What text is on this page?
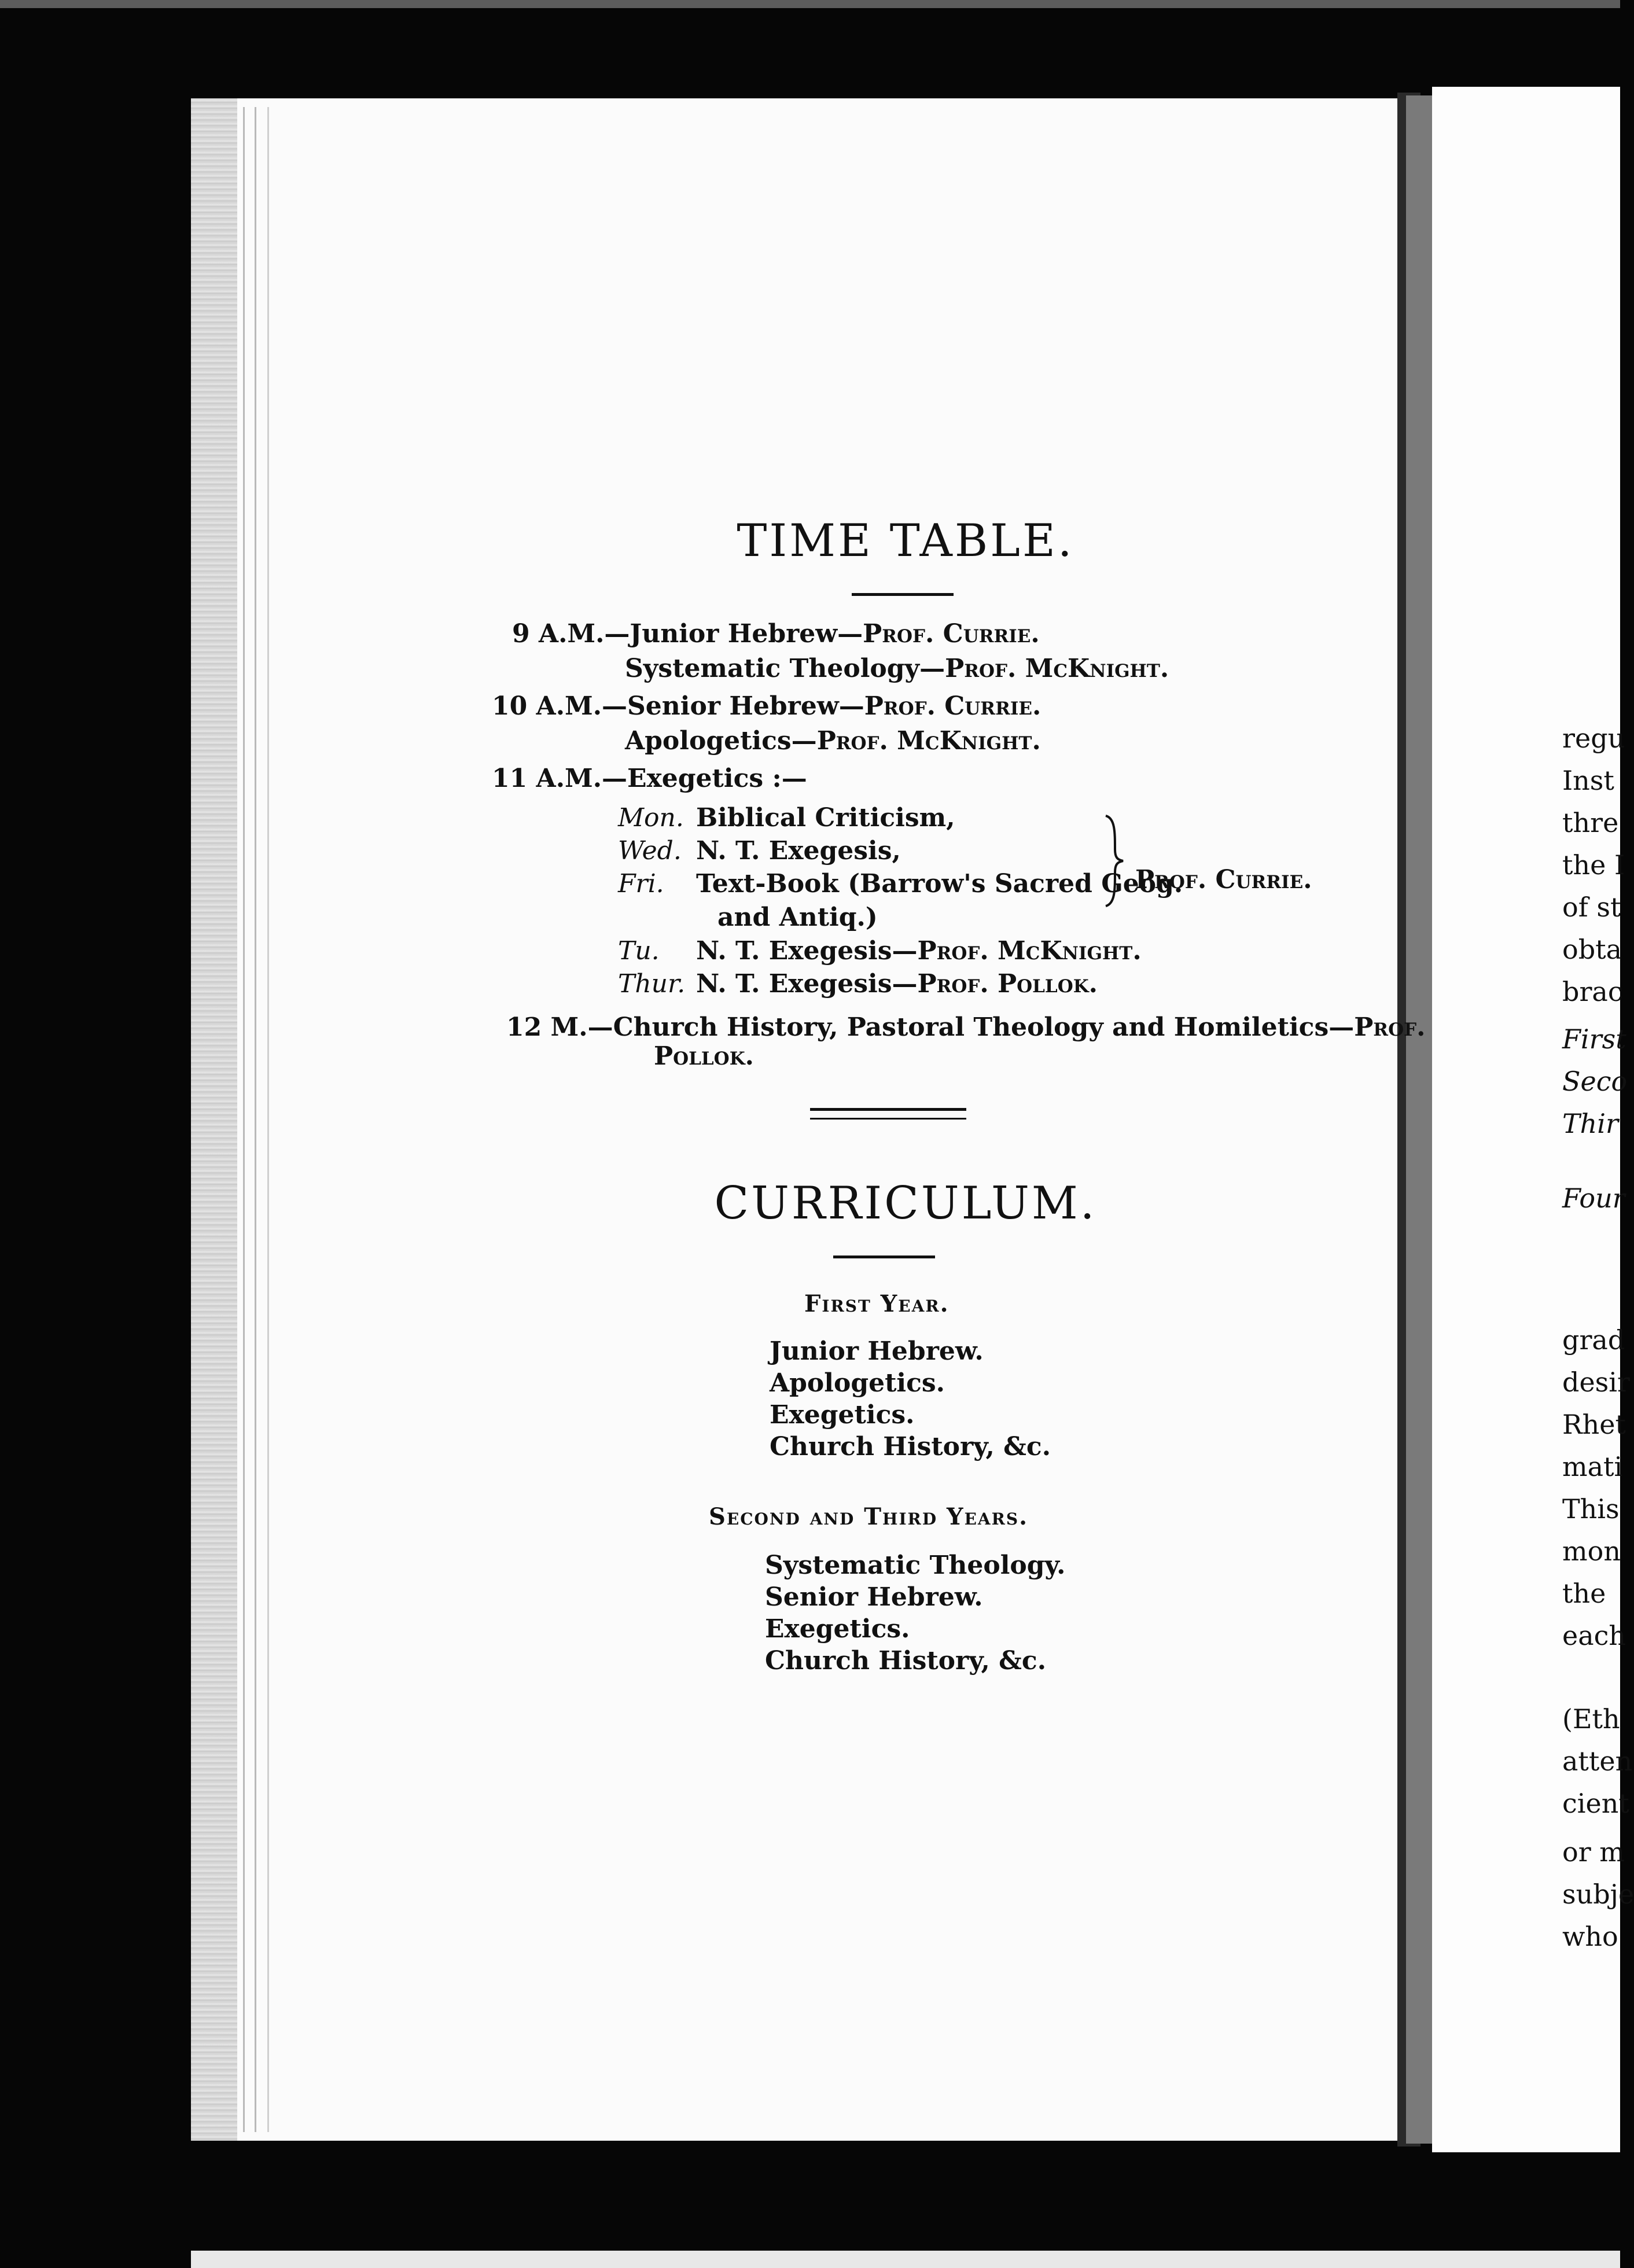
TIME TABLE.
9 A.M.—Junior Hebrew—Prof. Currie.
Systematic Theology—Prof. McKnight.
10 A.M.—Senior Hebrew—Prof. Currie.
Apologetics—Prof. McKnight.
11 A.M.—Exegetics :—
Mon. Biblical Criticism,
Wed. N. T. Exegesis,
Fri. Text-Book (Barrow's Sacred Geog.
and Antiq.)
Tu. N. T. Exegesis—Prof. McKnight.
Thur. N. T. Exegesis—Prof. Pollok.
Prof. Currie.
12 M.—Church History, Pastoral Theology and Homiletics—Prof.
Pollok.
CURRICULUM.
First Year.
Junior Hebrew.
Apologetics.
Exegetics.
Church History, &c.
Second and Third Years.
Systematic Theology.
Senior Hebrew.
Exegetics.
Church History, &c.
regu
Inst
thre
the I
of st
obta
brac
First
Seco
Thir
Four
grad
desir
Rhet
mati
This
mon
the
each
(Eth
atten
cient
or m
subje
who
